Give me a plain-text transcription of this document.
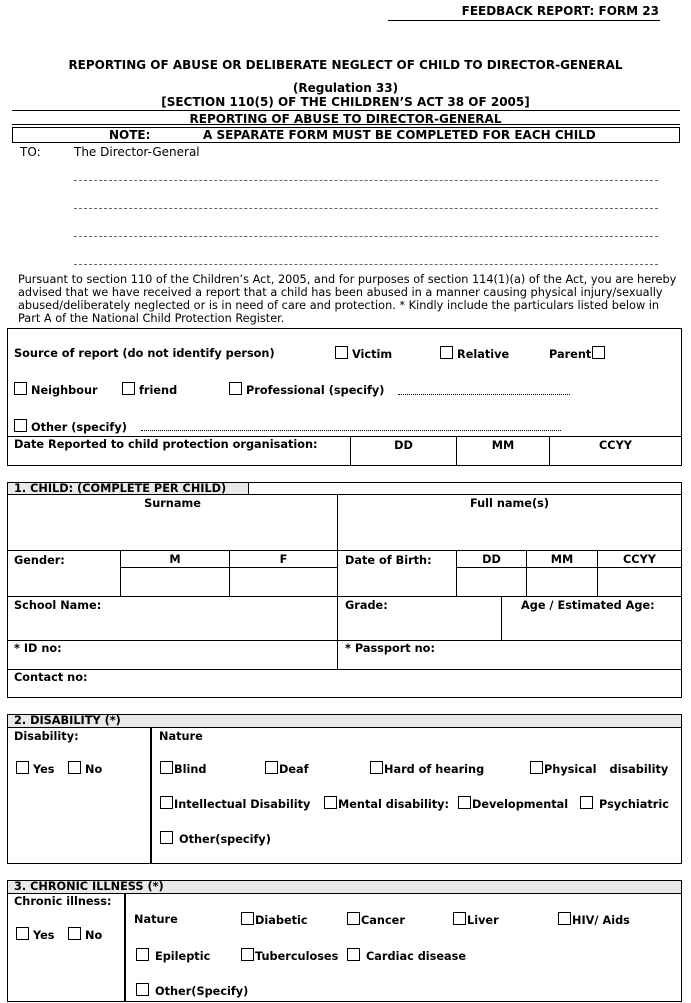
FEEDBACK REPORT: FORM 23
REPORTING OF ABUSE OR DELIBERATE NEGLECT OF CHILD TO DIRECTOR-GENERAL
(Regulation 33)
[SECTION 110(5) OF THE CHILDREN’S ACT 38 OF 2005]
REPORTING OF ABUSE TO DIRECTOR-GENERAL
NOTE:	A SEPARATE FORM MUST BE COMPLETED FOR EACH CHILD
TO:	The Director-General
Pursuant to section 110 of the Children’s Act, 2005, and for purposes of section 114(1)(a) of the Act, you are hereby advised that we have received a report that a child has been abused in a manner causing physical injury/sexually abused/deliberately neglected or is in need of care and protection. * Kindly include the particulars listed below in Part A of the National Child Protection Register.
Source of report (do not identify person)	Victim	Relative	Parent
Neighbour	friend	Professional (specify)
Other (specify)
Date Reported to child protection organisation:	DD	MM	CCYY
1. CHILD: (COMPLETE PER CHILD)
Surname	Full name(s)
Gender:	M	F	Date of Birth:	DD	MM	CCYY
School Name:	Grade:	Age / Estimated Age:
* ID no:	* Passport no:
Contact no:
2. DISABILITY (*)
Disability:	Nature
Yes	No	Blind	Deaf	Hard of hearing	Physical disability
Intellectual Disability	Mental disability:	Developmental	Psychiatric
Other(specify)
3. CHRONIC ILLNESS (*)
Chronic illness:
Yes	No
Nature	Diabetic	Cancer	Liver	HIV/ Aids
Epileptic	Tuberculoses	Cardiac disease
Other(Specify)
